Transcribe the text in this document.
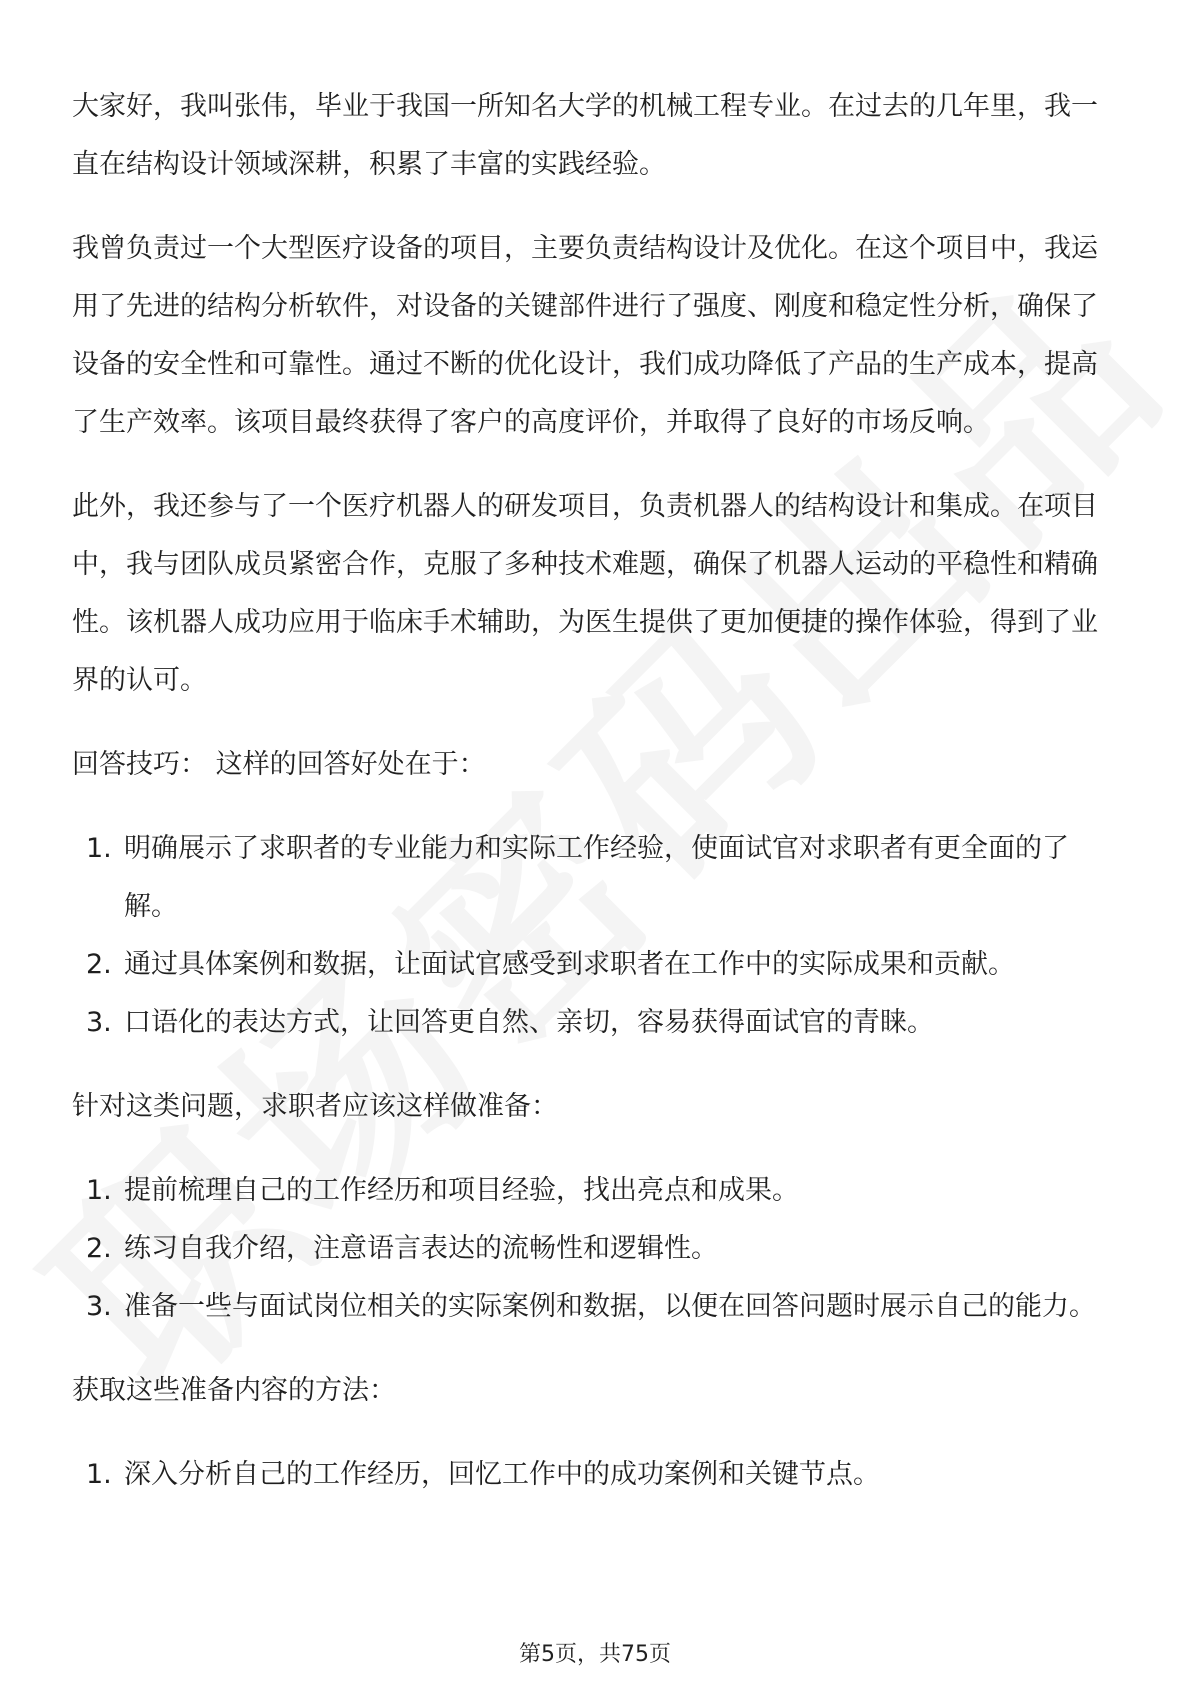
大家好，我叫张伟，毕业于我国一所知名大学的机械工程专业。在过去的几年里，我一直在结构设计领域深耕，积累了丰富的实践经验。

我曾负责过一个大型医疗设备的项目，主要负责结构设计及优化。在这个项目中，我运用了先进的结构分析软件，对设备的关键部件进行了强度、刚度和稳定性分析，确保了设备的安全性和可靠性。通过不断的优化设计，我们成功降低了产品的生产成本，提高了生产效率。该项目最终获得了客户的高度评价，并取得了良好的市场反响。

此外，我还参与了一个医疗机器人的研发项目，负责机器人的结构设计和集成。在项目中，我与团队成员紧密合作，克服了多种技术难题，确保了机器人运动的平稳性和精确性。该机器人成功应用于临床手术辅助，为医生提供了更加便捷的操作体验，得到了业界的认可。

回答技巧： 这样的回答好处在于：

1. 明确展示了求职者的专业能力和实际工作经验，使面试官对求职者有更全面的了解。
2. 通过具体案例和数据，让面试官感受到求职者在工作中的实际成果和贡献。
3. 口语化的表达方式，让回答更自然、亲切，容易获得面试官的青睐。

针对这类问题，求职者应该这样做准备：

1. 提前梳理自己的工作经历和项目经验，找出亮点和成果。
2. 练习自我介绍，注意语言表达的流畅性和逻辑性。
3. 准备一些与面试岗位相关的实际案例和数据，以便在回答问题时展示自己的能力。

获取这些准备内容的方法：

1. 深入分析自己的工作经历，回忆工作中的成功案例和关键节点。
第5页，共75页
